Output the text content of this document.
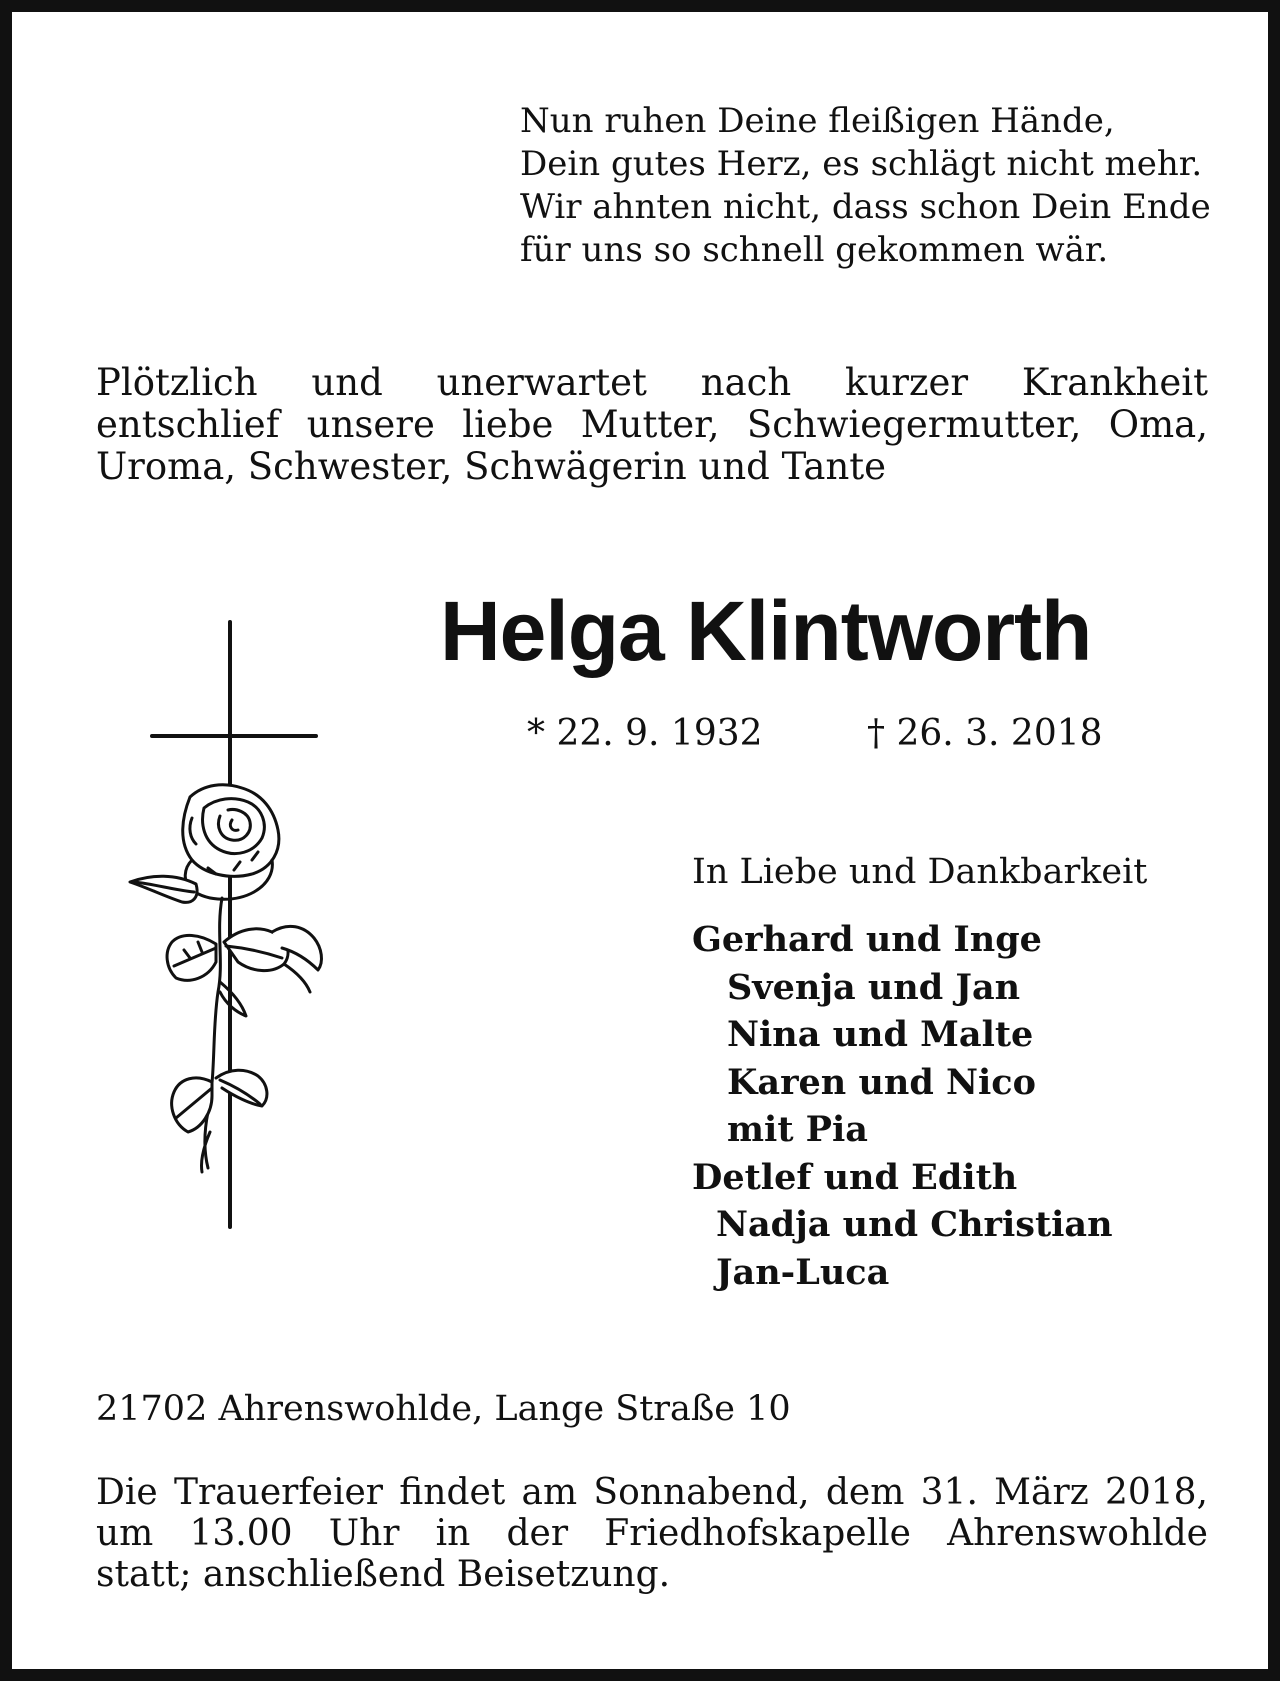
Nun ruhen Deine fleißigen Hände,
Dein gutes Herz, es schlägt nicht mehr.
Wir ahnten nicht, dass schon Dein Ende
für uns so schnell gekommen wär.
Plötzlich und unerwartet nach kurzer Krankheit
entschlief unsere liebe Mutter, Schwiegermutter, Oma,
Uroma, Schwester, Schwägerin und Tante
Helga Klintworth
* 22. 9. 1932	† 26. 3. 2018
In Liebe und Dankbarkeit
Gerhard und Inge
Svenja und Jan
Nina und Malte
Karen und Nico
mit Pia
Detlef und Edith
Nadja und Christian
Jan-Luca
21702 Ahrenswohlde, Lange Straße 10
Die Trauerfeier findet am Sonnabend, dem 31. März 2018,
um 13.00 Uhr in der Friedhofskapelle Ahrenswohlde
statt; anschließend Beisetzung.
